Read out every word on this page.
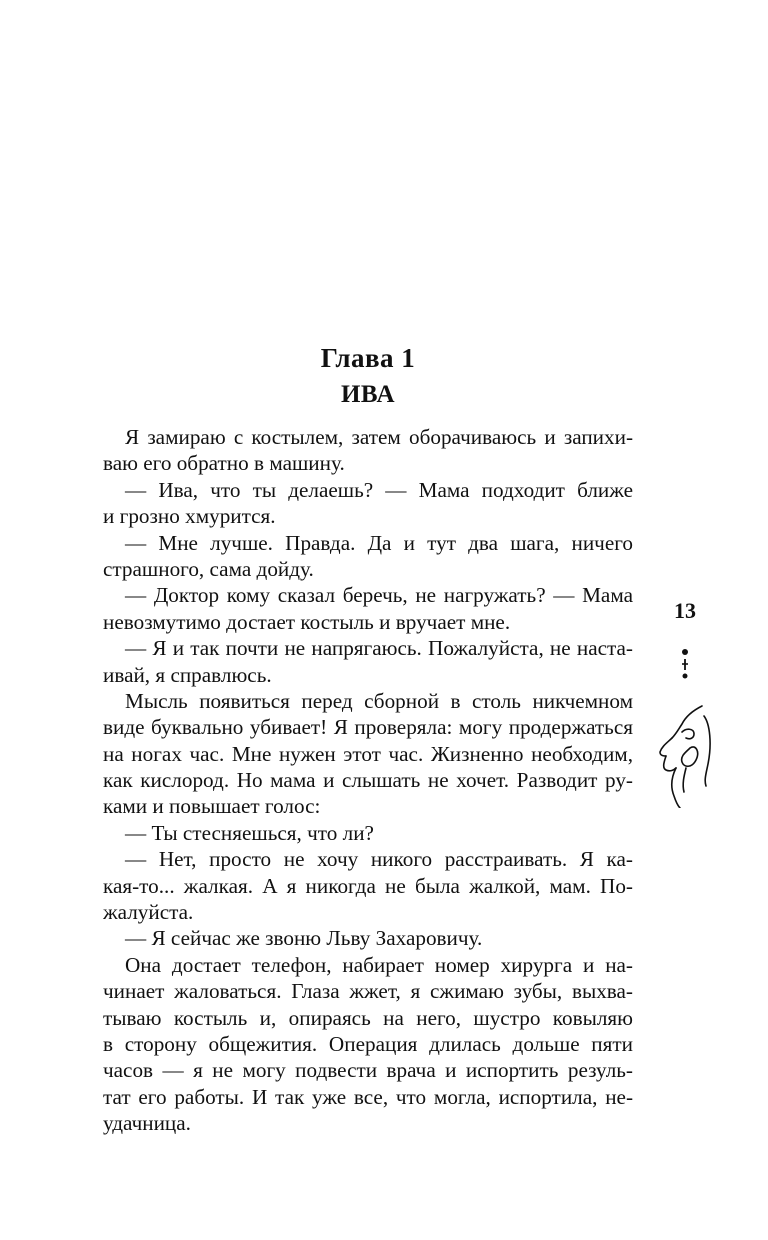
Глава 1
ИВА
Я замираю с костылем, затем оборачиваюсь и запихи-
ваю его обратно в машину.
— Ива, что ты делаешь? — Мама подходит ближе
и грозно хмурится.
— Мне лучше. Правда. Да и тут два шага, ничего
страшного, сама дойду.
— Доктор кому сказал беречь, не нагружать? — Мама
невозмутимо достает костыль и вручает мне.
— Я и так почти не напрягаюсь. Пожалуйста, не наста-
ивай, я справлюсь.
Мысль появиться перед сборной в столь никчемном
виде буквально убивает! Я проверяла: могу продержаться
на ногах час. Мне нужен этот час. Жизненно необходим,
как кислород. Но мама и слышать не хочет. Разводит ру-
ками и повышает голос:
— Ты стесняешься, что ли?
— Нет, просто не хочу никого расстраивать. Я ка-
кая-то... жалкая. А я никогда не была жалкой, мам. По-
жалуйста.
— Я сейчас же звоню Льву Захаровичу.
Она достает телефон, набирает номер хирурга и на-
чинает жаловаться. Глаза жжет, я сжимаю зубы, выхва-
тываю костыль и, опираясь на него, шустро ковыляю
в сторону общежития. Операция длилась дольше пяти
часов — я не могу подвести врача и испортить резуль-
тат его работы. И так уже все, что могла, испортила, не-
удачница.
13
